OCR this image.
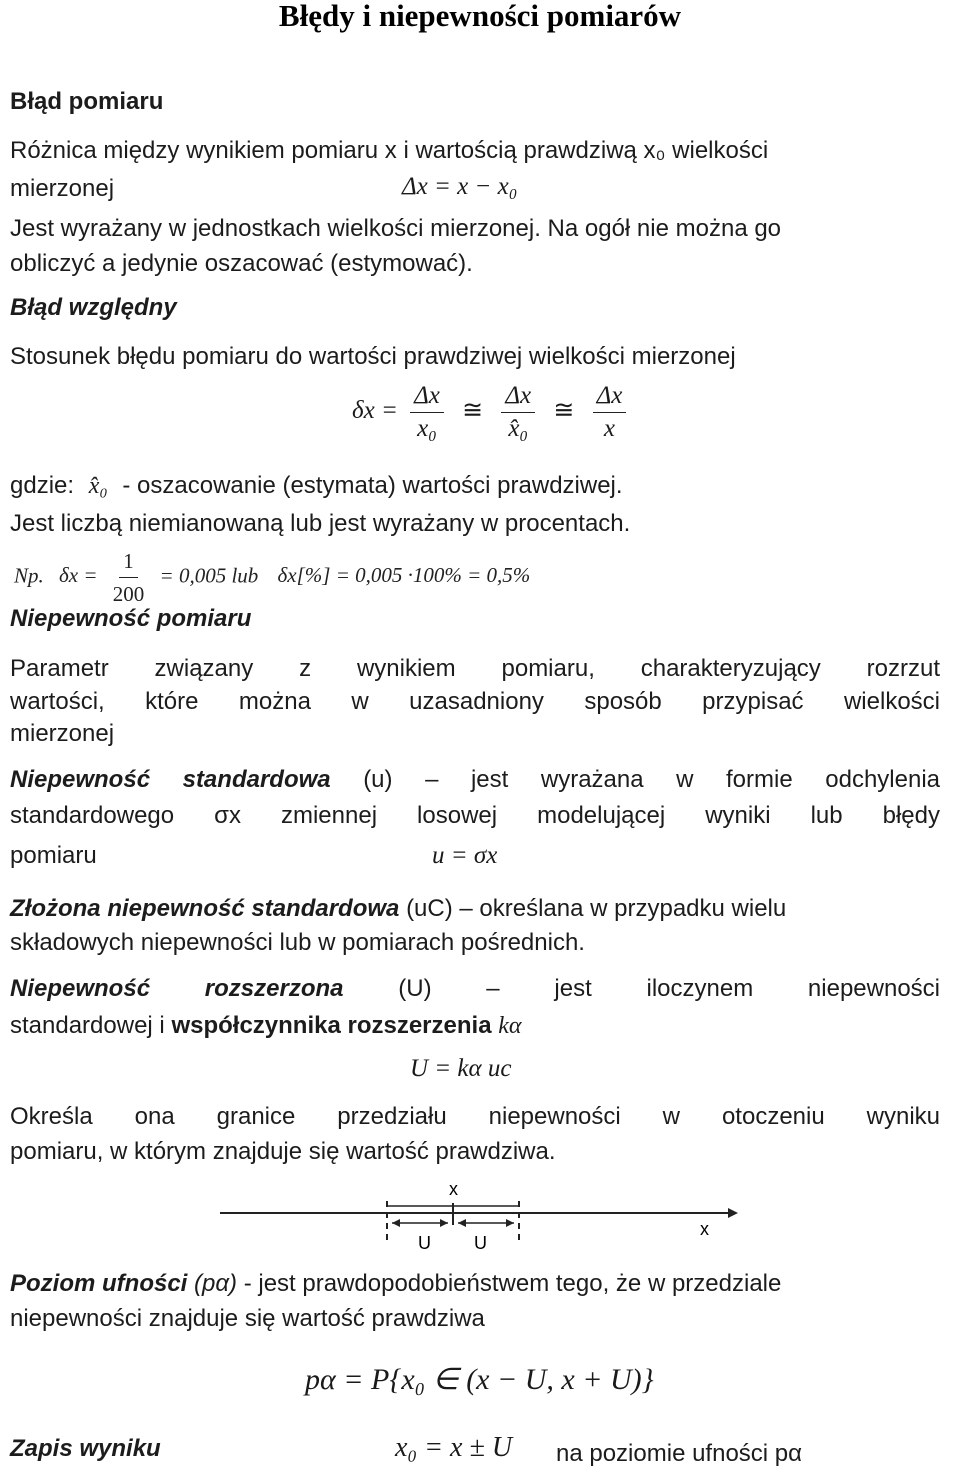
Błędy i niepewności pomiarów
Błąd pomiaru
Różnica między wynikiem pomiaru x i wartością prawdziwą x₀ wielkości
mierzonej	Δx = x − x₀
Jest wyrażany w jednostkach wielkości mierzonej. Na ogół nie można go
obliczyć a jedynie oszacować (estymować).
Błąd względny
Stosunek błędu pomiaru do wartości prawdziwej wielkości mierzonej
$\delta x = \frac{\Delta x}{\text{x₀}}$ ≅ $\frac{\Delta x}{\text{x̂₀}}$ ≅ $\frac{\Delta x}{x}$
gdzie: x̂₀ - oszacowanie (estymata) wartości prawdziwej.
Jest liczbą niemianowaną lub jest wyrażany w procentach.
Np. $\delta x = \frac{1}{200} = 0,005$ lub δx[%] = 0,005 ·100% = 0,5%
Niepewność pomiaru
Parametr związany z wynikiem pomiaru, charakteryzujący rozrzut
wartości, które można w uzasadniony sposób przypisać wielkości
mierzonej
Niepewność standardowa (u) – jest wyrażana w formie odchylenia
standardowego σx zmiennej losowej modelującej wyniki lub błędy
pomiaru	u = σx
Złożona niepewność standardowa (uC) – określana w przypadku wielu
składowych niepewności lub w pomiarach pośrednich.
Niepewność rozszerzona (U) – jest iloczynem niepewności
standardowej i współczynnika rozszerzenia kα
U = kα uc
Określa ona granice przedziału niepewności w otoczeniu wyniku
pomiaru, w którym znajduje się wartość prawdziwa.
x
x
U U
Poziom ufności (pα) - jest prawdopodobieństwem tego, że w przedziale
niepewności znajduje się wartość prawdziwa
pα = P{x₀ ∈ (x − U, x + U)}
Zapis wyniku	x₀ = x ± U na poziomie ufności pα
